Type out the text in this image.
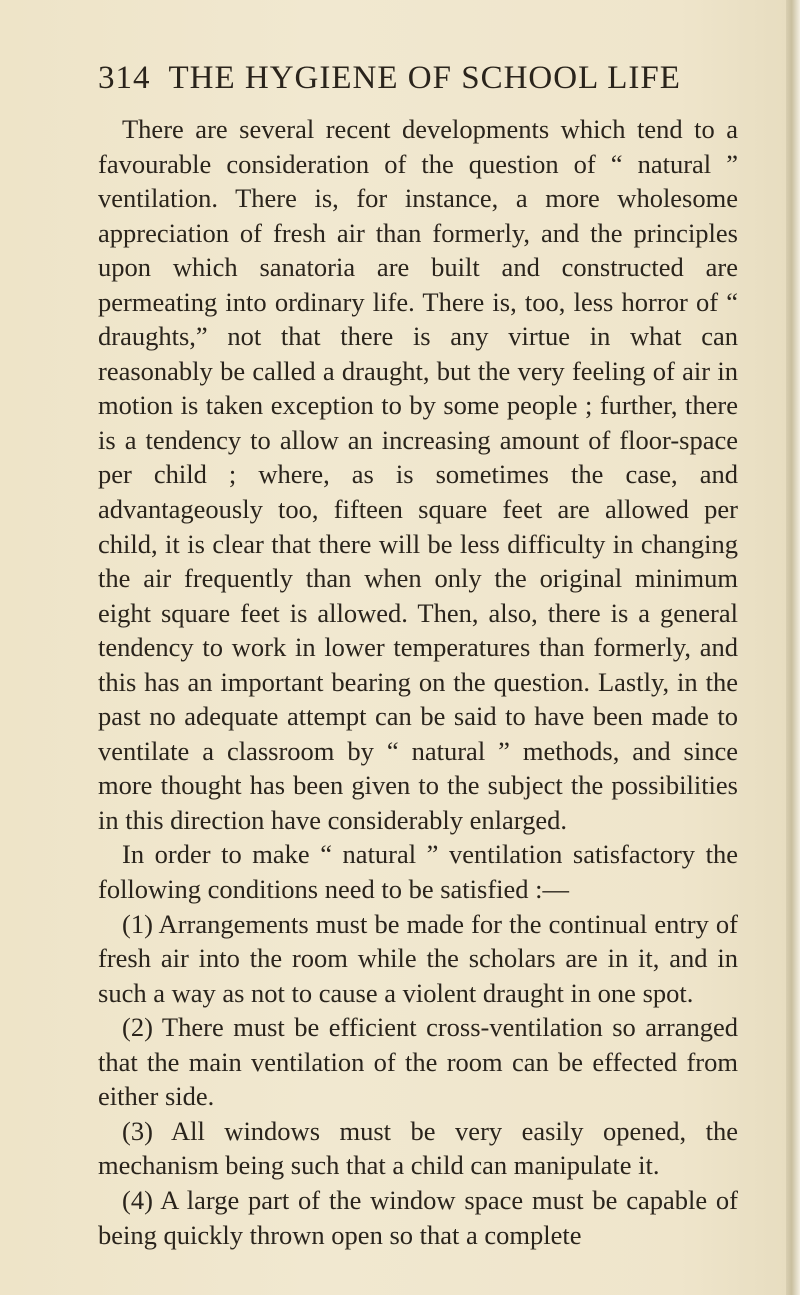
314 THE HYGIENE OF SCHOOL LIFE

There are several recent developments which tend to a favourable consideration of the question of “ natural ” ventilation. There is, for instance, a more wholesome appreciation of fresh air than formerly, and the principles upon which sanatoria are built and constructed are permeating into ordinary life. There is, too, less horror of “ draughts,” not that there is any virtue in what can reasonably be called a draught, but the very feeling of air in motion is taken exception to by some people ; further, there is a tendency to allow an increasing amount of floor-space per child ; where, as is sometimes the case, and advantageously too, fifteen square feet are allowed per child, it is clear that there will be less difficulty in changing the air frequently than when only the original minimum eight square feet is allowed. Then, also, there is a general tendency to work in lower temperatures than formerly, and this has an important bearing on the question. Lastly, in the past no adequate attempt can be said to have been made to ventilate a classroom by “ natural ” methods, and since more thought has been given to the subject the possibilities in this direction have considerably enlarged.

In order to make “ natural ” ventilation satisfactory the following conditions need to be satisfied :—

(1) Arrangements must be made for the continual entry of fresh air into the room while the scholars are in it, and in such a way as not to cause a violent draught in one spot.

(2) There must be efficient cross-ventilation so arranged that the main ventilation of the room can be effected from either side.

(3) All windows must be very easily opened, the mechanism being such that a child can manipulate it.

(4) A large part of the window space must be capable of being quickly thrown open so that a complete
